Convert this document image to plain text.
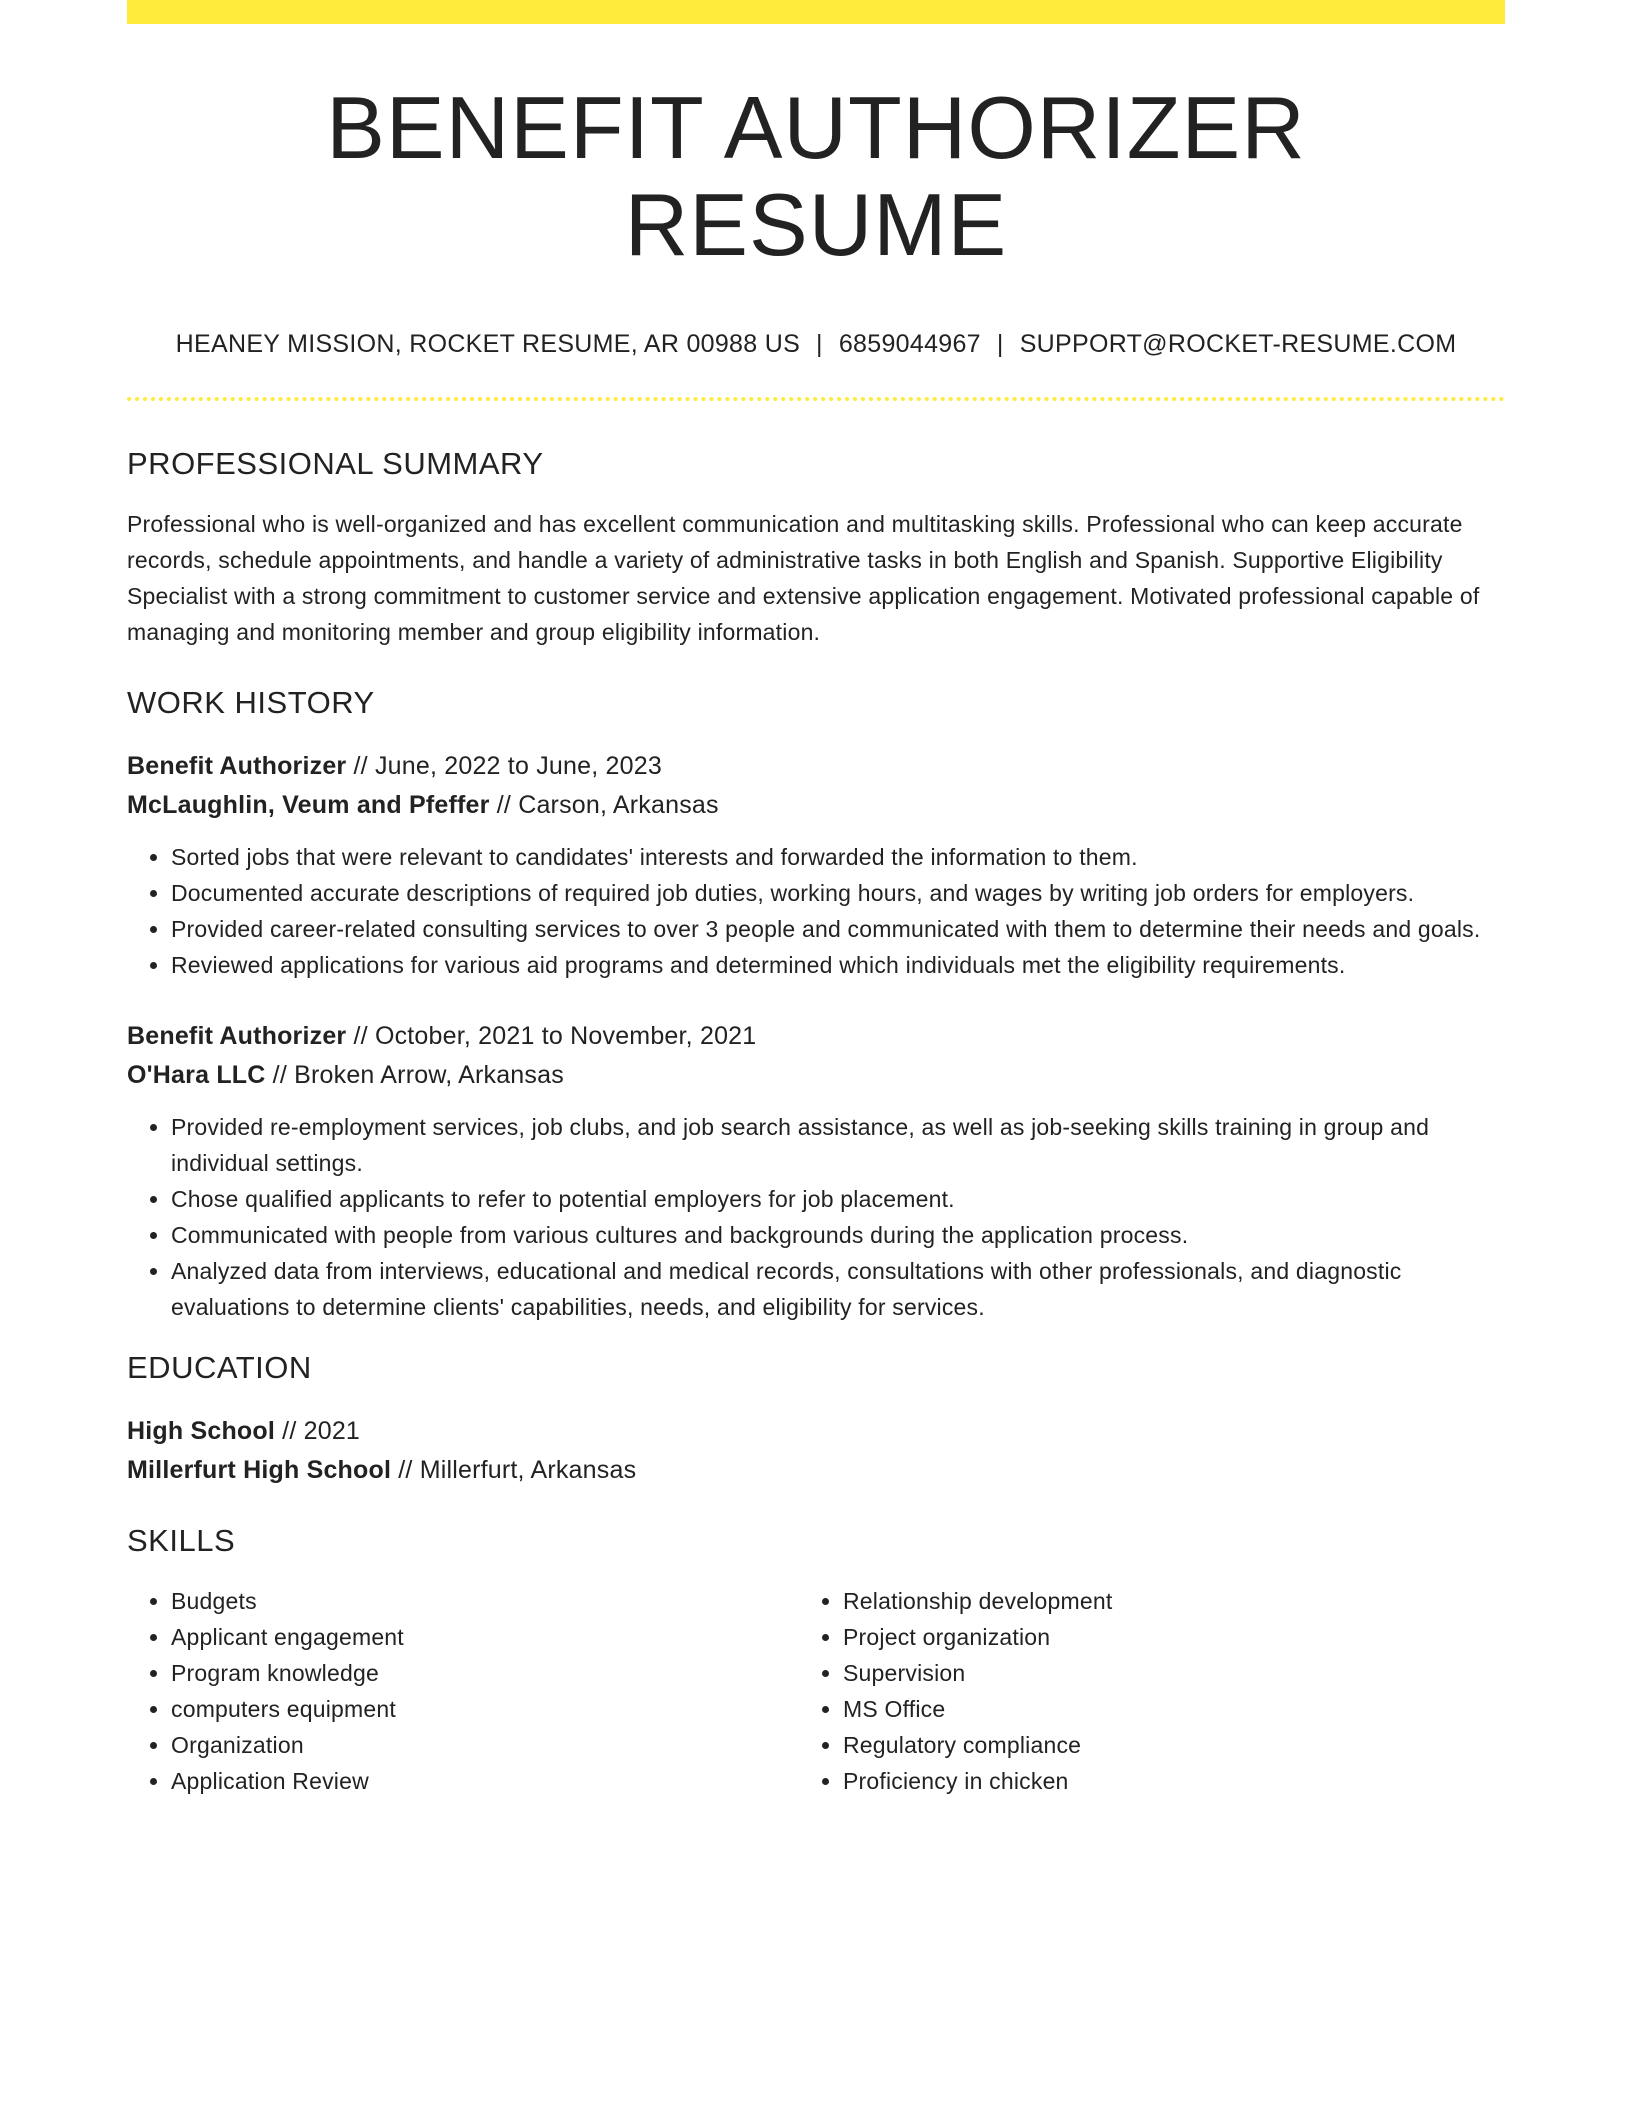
BENEFIT AUTHORIZER RESUME
HEANEY MISSION, ROCKET RESUME, AR 00988 US | 6859044967 | SUPPORT@ROCKET-RESUME.COM
PROFESSIONAL SUMMARY

Professional who is well-organized and has excellent communication and multitasking skills. Professional who can keep accurate records, schedule appointments, and handle a variety of administrative tasks in both English and Spanish. Supportive Eligibility Specialist with a strong commitment to customer service and extensive application engagement. Motivated professional capable of managing and monitoring member and group eligibility information.

WORK HISTORY
Benefit Authorizer // June, 2022 to June, 2023
McLaughlin, Veum and Pfeffer // Carson, Arkansas
• Sorted jobs that were relevant to candidates' interests and forwarded the information to them.
• Documented accurate descriptions of required job duties, working hours, and wages by writing job orders for employers.
• Provided career-related consulting services to over 3 people and communicated with them to determine their needs and goals.
• Reviewed applications for various aid programs and determined which individuals met the eligibility requirements.
Benefit Authorizer // October, 2021 to November, 2021
O'Hara LLC // Broken Arrow, Arkansas
• Provided re-employment services, job clubs, and job search assistance, as well as job-seeking skills training in group and individual settings.
• Chose qualified applicants to refer to potential employers for job placement.
• Communicated with people from various cultures and backgrounds during the application process.
• Analyzed data from interviews, educational and medical records, consultations with other professionals, and diagnostic evaluations to determine clients' capabilities, needs, and eligibility for services.
EDUCATION
High School // 2021
Millerfurt High School // Millerfurt, Arkansas
SKILLS
• Budgets
• Applicant engagement
• Program knowledge
• computers equipment
• Organization
• Application Review
• Relationship development
• Project organization
• Supervision
• MS Office
• Regulatory compliance
• Proficiency in chicken
